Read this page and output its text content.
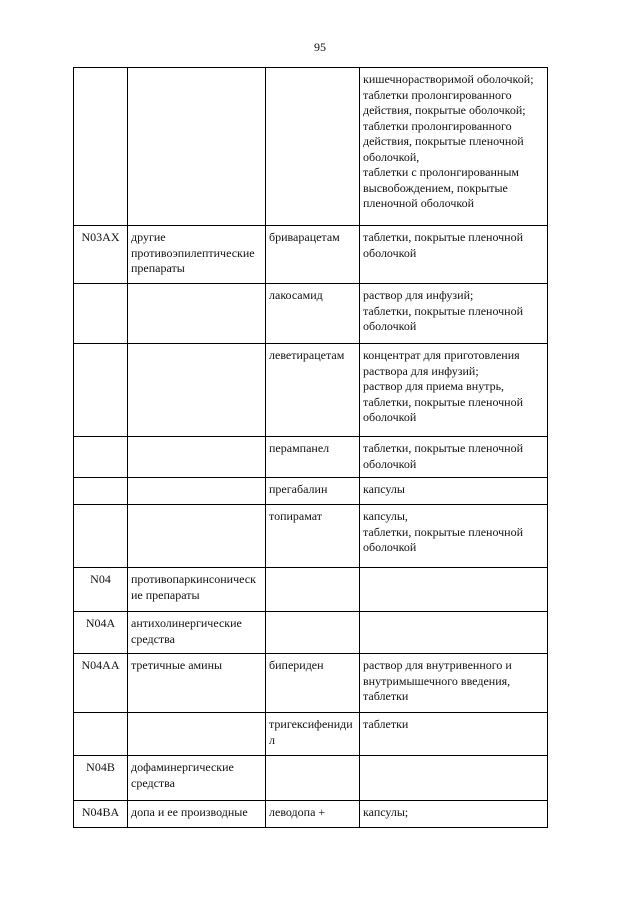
95
			кишечнорастворимой оболочкой;
таблетки пролонгированного действия, покрытые оболочкой;
таблетки пролонгированного действия, покрытые пленочной оболочкой,
таблетки с пролонгированным высвобождением, покрытые пленочной оболочкой
N03AX	другие противоэпилептические препараты	бриварацетам	таблетки, покрытые пленочной оболочкой
		лакосамид	раствор для инфузий;
таблетки, покрытые пленочной оболочкой
		леветирацетам	концентрат для приготовления раствора для инфузий;
раствор для приема внутрь,
таблетки, покрытые пленочной оболочкой
		перампанел	таблетки, покрытые пленочной оболочкой
		прегабалин	капсулы
		топирамат	капсулы,
таблетки, покрытые пленочной оболочкой
N04	противопаркинсонические препараты		
N04A	антихолинергические средства		
N04AA	третичные амины	бипериден	раствор для внутривенного и внутримышечного введения,
таблетки
		тригексифенидил	таблетки
N04B	дофаминергические средства		
N04BA	допа и ее производные	леводопа +	капсулы;
